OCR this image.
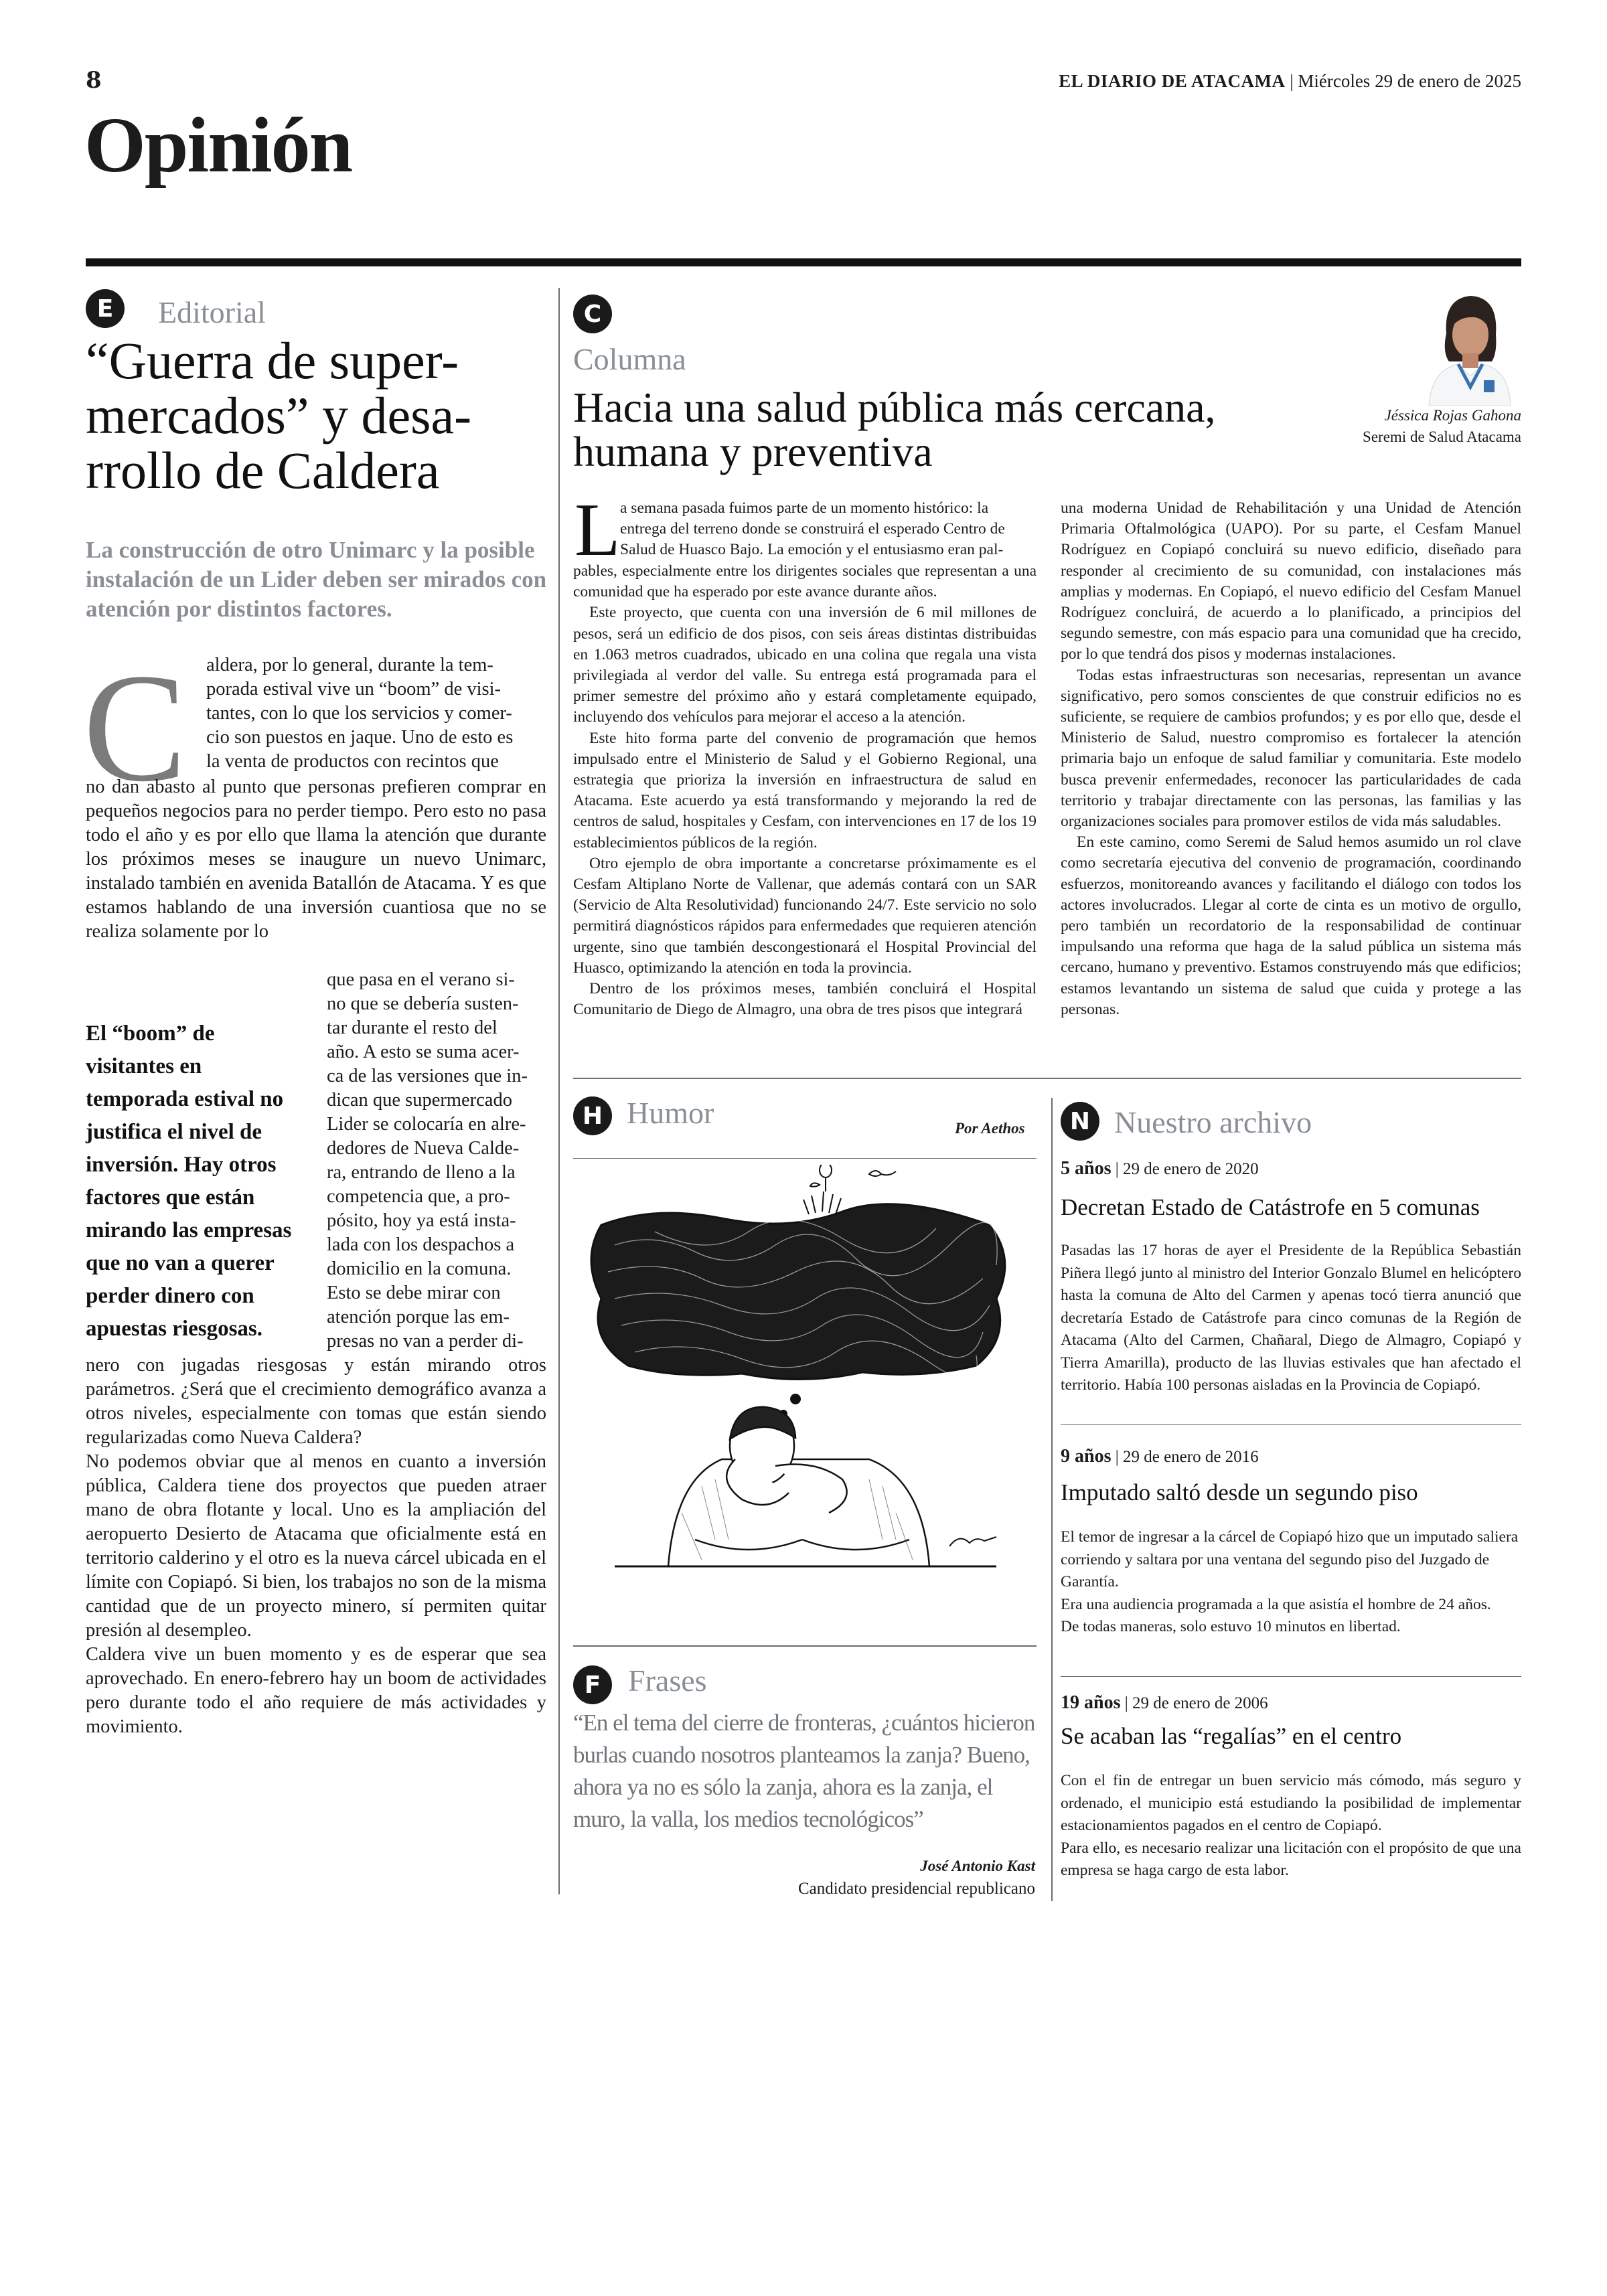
8	EL DIARIO DE ATACAMA | Miércoles 29 de enero de 2025
Opinión
E	Editorial
“Guerra de super-mercados” y desa-rrollo de Caldera
La construcción de otro Unimarc y la posible instalación de un Lider deben ser mirados con atención por distintos factores.
C aldera, por lo general, durante la tem-
porada estival vive un “boom” de visi-
tantes, con lo que los servicios y comer-
cio son puestos en jaque. Uno de esto es
la venta de productos con recintos que
no dan abasto al punto que personas prefieren comprar en pequeños negocios para no perder tiempo. Pero esto no pasa todo el año y es por ello que llama la atención que durante los próximos meses se inaugure un nuevo Unimarc, instalado también en avenida Batallón de Atacama. Y es que estamos hablando de una inversión cuantiosa que no se realiza solamente por lo
El “boom” de visitantes en temporada estival no justifica el nivel de inversión. Hay otros factores que están mirando las empresas que no van a querer perder dinero con apuestas riesgosas.
que pasa en el verano si-
no que se debería susten-
tar durante el resto del
año. A esto se suma acer-
ca de las versiones que in-
dican que supermercado
Lider se colocaría en alre-
dedores de Nueva Calde-
ra, entrando de lleno a la
competencia que, a pro-
pósito, hoy ya está insta-
lada con los despachos a
domicilio en la comuna.
Esto se debe mirar con
atención porque las em-
presas no van a perder di-
nero con jugadas riesgosas y están mirando otros parámetros. ¿Será que el crecimiento demográfico avanza a otros niveles, especialmente con tomas que están siendo regularizadas como Nueva Caldera?
No podemos obviar que al menos en cuanto a inversión pública, Caldera tiene dos proyectos que pueden atraer mano de obra flotante y local. Uno es la ampliación del aeropuerto Desierto de Atacama que oficialmente está en territorio calderino y el otro es la nueva cárcel ubicada en el límite con Copiapó. Si bien, los trabajos no son de la misma cantidad que de un proyecto minero, sí permiten quitar presión al desempleo.
Caldera vive un buen momento y es de esperar que sea aprovechado. En enero-febrero hay un boom de actividades pero durante todo el año requiere de más actividades y movimiento.
C
Columna
Hacia una salud pública más cercana, humana y preventiva
Jéssica Rojas Gahona
Seremi de Salud Atacama
L a semana pasada fuimos parte de un momento histórico: la
entrega del terreno donde se construirá el esperado Centro de
Salud de Huasco Bajo. La emoción y el entusiasmo eran pal-
pables, especialmente entre los dirigentes sociales que representan a una comunidad que ha esperado por este avance durante años.
Este proyecto, que cuenta con una inversión de 6 mil millones de pesos, será un edificio de dos pisos, con seis áreas distintas distribuidas en 1.063 metros cuadrados, ubicado en una colina que regala una vista privilegiada al verdor del valle. Su entrega está programada para el primer semestre del próximo año y estará completamente equipado, incluyendo dos vehículos para mejorar el acceso a la atención.
Este hito forma parte del convenio de programación que hemos impulsado entre el Ministerio de Salud y el Gobierno Regional, una estrategia que prioriza la inversión en infraestructura de salud en Atacama. Este acuerdo ya está transformando y mejorando la red de centros de salud, hospitales y Cesfam, con intervenciones en 17 de los 19 establecimientos públicos de la región.
Otro ejemplo de obra importante a concretarse próximamente es el Cesfam Altiplano Norte de Vallenar, que además contará con un SAR (Servicio de Alta Resolutividad) funcionando 24/7. Este servicio no solo permitirá diagnósticos rápidos para enfermedades que requieren atención urgente, sino que también descongestionará el Hospital Provincial del Huasco, optimizando la atención en toda la provincia.
Dentro de los próximos meses, también concluirá el Hospital Comunitario de Diego de Almagro, una obra de tres pisos que integrará
una moderna Unidad de Rehabilitación y una Unidad de Atención Primaria Oftalmológica (UAPO). Por su parte, el Cesfam Manuel Rodríguez en Copiapó concluirá su nuevo edificio, diseñado para responder al crecimiento de su comunidad, con instalaciones más amplias y modernas. En Copiapó, el nuevo edificio del Cesfam Manuel Rodríguez concluirá, de acuerdo a lo planificado, a principios del segundo semestre, con más espacio para una comunidad que ha crecido, por lo que tendrá dos pisos y modernas instalaciones.
Todas estas infraestructuras son necesarias, representan un avance significativo, pero somos conscientes de que construir edificios no es suficiente, se requiere de cambios profundos; y es por ello que, desde el Ministerio de Salud, nuestro compromiso es fortalecer la atención primaria bajo un enfoque de salud familiar y comunitaria. Este modelo busca prevenir enfermedades, reconocer las particularidades de cada territorio y trabajar directamente con las personas, las familias y las organizaciones sociales para promover estilos de vida más saludables.
En este camino, como Seremi de Salud hemos asumido un rol clave como secretaría ejecutiva del convenio de programación, coordinando esfuerzos, monitoreando avances y facilitando el diálogo con todos los actores involucrados. Llegar al corte de cinta es un motivo de orgullo, pero también un recordatorio de la responsabilidad de continuar impulsando una reforma que haga de la salud pública un sistema más cercano, humano y preventivo. Estamos construyendo más que edificios; estamos levantando un sistema de salud que cuida y protege a las personas.
H Humor	Por Aethos
F Frases
“En el tema del cierre de fronteras, ¿cuántos hicieron burlas cuando nosotros planteamos la zanja? Bueno, ahora ya no es sólo la zanja, ahora es la zanja, el muro, la valla, los medios tecnológicos”
José Antonio Kast
Candidato presidencial republicano
N Nuestro archivo
5 años | 29 de enero de 2020
Decretan Estado de Catástrofe en 5 comunas
Pasadas las 17 horas de ayer el Presidente de la República Sebastián Piñera llegó junto al ministro del Interior Gonzalo Blumel en helicóptero hasta la comuna de Alto del Carmen y apenas tocó tierra anunció que decretaría Estado de Catástrofe para cinco comunas de la Región de Atacama (Alto del Carmen, Chañaral, Diego de Almagro, Copiapó y Tierra Amarilla), producto de las lluvias estivales que han afectado el territorio. Había 100 personas aisladas en la Provincia de Copiapó.
9 años | 29 de enero de 2016
Imputado saltó desde un segundo piso
El temor de ingresar a la cárcel de Copiapó hizo que un imputado saliera corriendo y saltara por una ventana del segundo piso del Juzgado de Garantía.
Era una audiencia programada a la que asistía el hombre de 24 años.
De todas maneras, solo estuvo 10 minutos en libertad.
19 años | 29 de enero de 2006
Se acaban las “regalías” en el centro
Con el fin de entregar un buen servicio más cómodo, más seguro y ordenado, el municipio está estudiando la posibilidad de implementar estacionamientos pagados en el centro de Copiapó.
Para ello, es necesario realizar una licitación con el propósito de que una empresa se haga cargo de esta labor.
